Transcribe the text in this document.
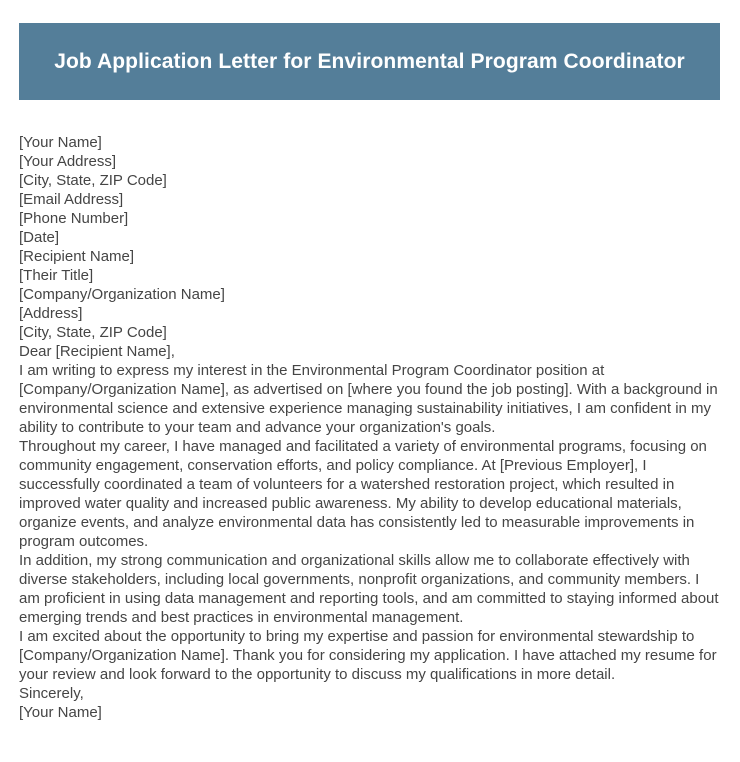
Job Application Letter for Environmental Program Coordinator
[Your Name]
[Your Address]
[City, State, ZIP Code]
[Email Address]
[Phone Number]
[Date]
[Recipient Name]
[Their Title]
[Company/Organization Name]
[Address]
[City, State, ZIP Code]
Dear [Recipient Name],

I am writing to express my interest in the Environmental Program Coordinator position at [Company/Organization Name], as advertised on [where you found the job posting]. With a background in environmental science and extensive experience managing sustainability initiatives, I am confident in my ability to contribute to your team and advance your organization's goals.

Throughout my career, I have managed and facilitated a variety of environmental programs, focusing on community engagement, conservation efforts, and policy compliance. At [Previous Employer], I successfully coordinated a team of volunteers for a watershed restoration project, which resulted in improved water quality and increased public awareness. My ability to develop educational materials, organize events, and analyze environmental data has consistently led to measurable improvements in program outcomes.

In addition, my strong communication and organizational skills allow me to collaborate effectively with diverse stakeholders, including local governments, nonprofit organizations, and community members. I am proficient in using data management and reporting tools, and am committed to staying informed about emerging trends and best practices in environmental management.

I am excited about the opportunity to bring my expertise and passion for environmental stewardship to [Company/Organization Name]. Thank you for considering my application. I have attached my resume for your review and look forward to the opportunity to discuss my qualifications in more detail.

Sincerely,
[Your Name]
